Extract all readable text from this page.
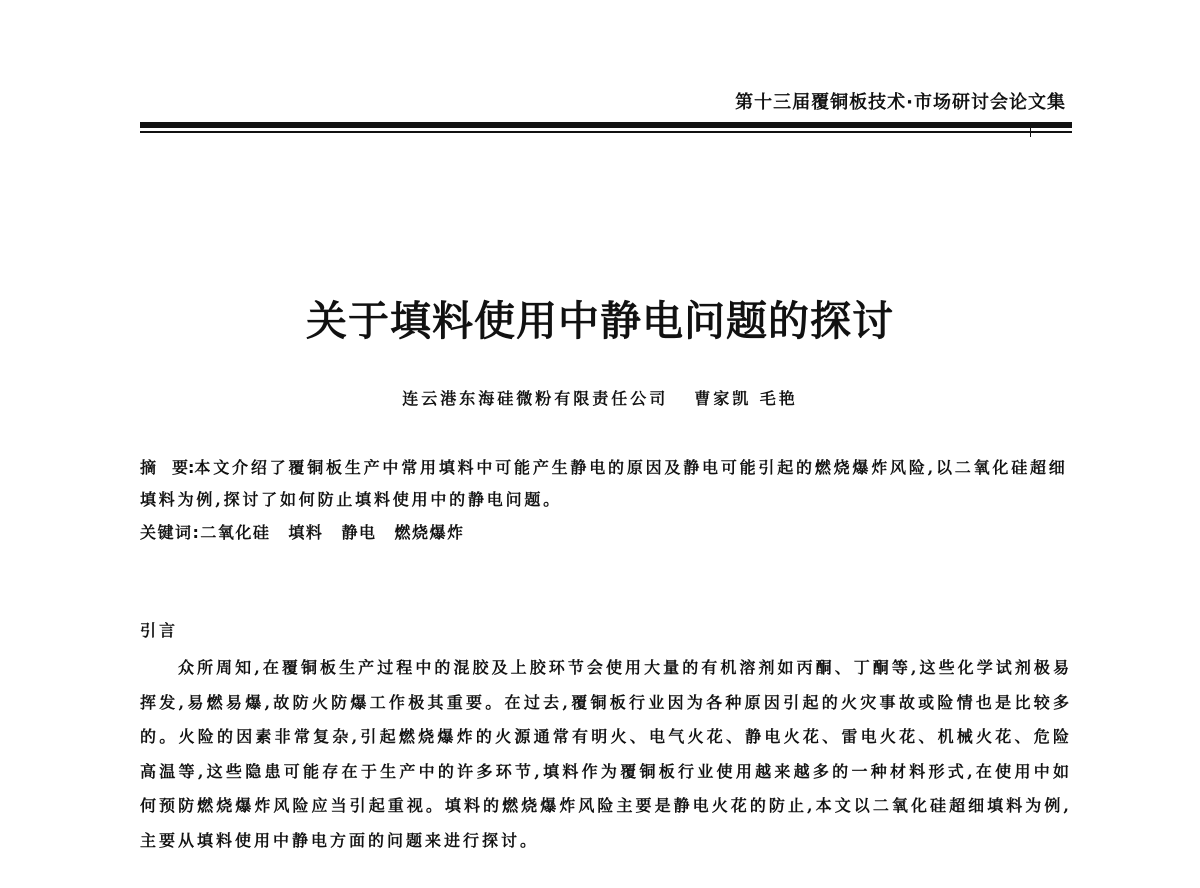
第十三届覆铜板技术·市场研讨会论文集
关于填料使用中静电问题的探讨
连云港东海硅微粉有限责任公司 曹家凯 毛艳
摘 要:本文介绍了覆铜板生产中常用填料中可能产生静电的原因及静电可能引起的燃烧爆炸风险,以二氧化硅超细填料为例,探讨了如何防止填料使用中的静电问题。
关键词:二氧化硅 填料 静电 燃烧爆炸
引言

众所周知,在覆铜板生产过程中的混胶及上胶环节会使用大量的有机溶剂如丙酮、丁酮等,这些化学试剂极易挥发,易燃易爆,故防火防爆工作极其重要。在过去,覆铜板行业因为各种原因引起的火灾事故或险情也是比较多的。火险的因素非常复杂,引起燃烧爆炸的火源通常有明火、电气火花、静电火花、雷电火花、机械火花、危险高温等,这些隐患可能存在于生产中的许多环节,填料作为覆铜板行业使用越来越多的一种材料形式,在使用中如何预防燃烧爆炸风险应当引起重视。填料的燃烧爆炸风险主要是静电火花的防止,本文以二氧化硅超细填料为例,主要从填料使用中静电方面的问题来进行探讨。
